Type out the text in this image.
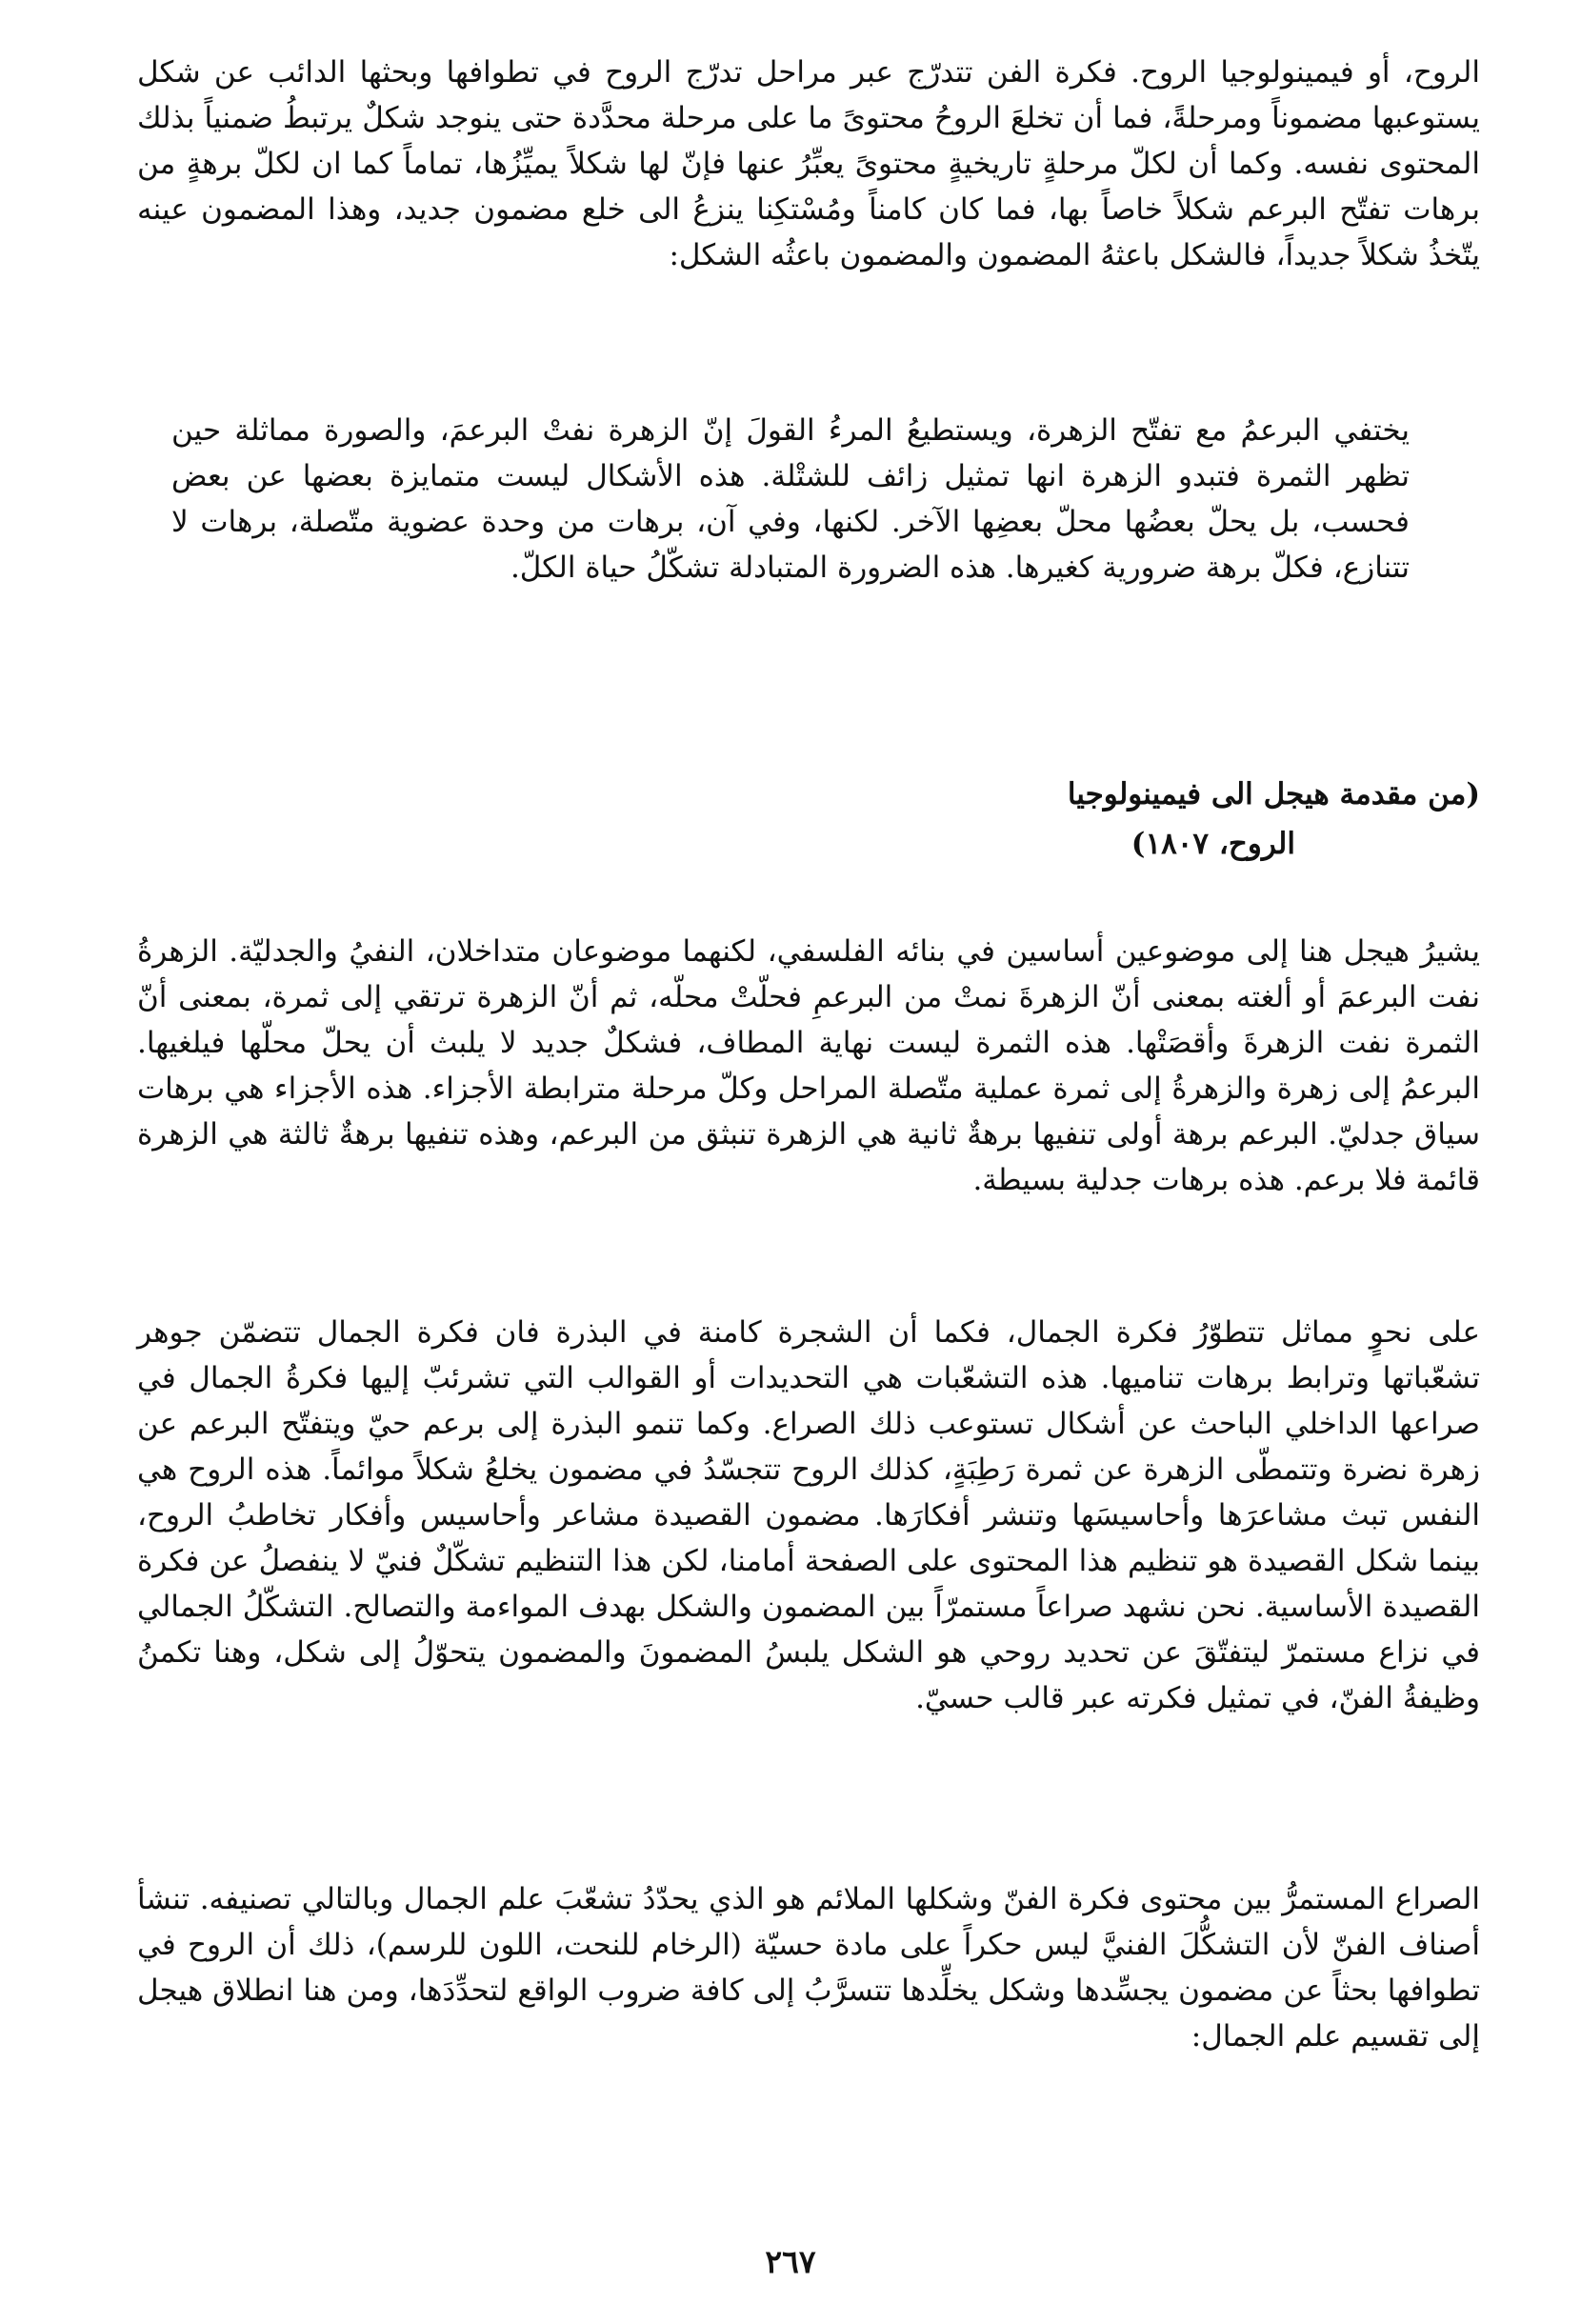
الروح، أو فيمينولوجيا الروح. فكرة الفن تتدرّج عبر مراحل تدرّج الروح في تطوافها وبحثها الدائب عن شكل يستوعبها مضموناً ومرحلةً، فما أن تخلعَ الروحُ محتوىً ما على مرحلة محدَّدة حتى ينوجد شكلٌ يرتبطُ ضمنياً بذلك المحتوى نفسه. وكما أن لكلّ مرحلةٍ تاريخيةٍ محتوىً يعبِّرُ عنها فإنّ لها شكلاً يميِّزُها، تماماً كما ان لكلّ برهةٍ من برهات تفتّح البرعم شكلاً خاصاً بها، فما كان كامناً ومُسْتكِنا ينزعُ الى خلع مضمون جديد، وهذا المضمون عينه يتّخذُ شكلاً جديداً، فالشكل باعثهُ المضمون والمضمون باعثُه الشكل:

يختفي البرعمُ مع تفتّح الزهرة، ويستطيعُ المرءُ القولَ إنّ الزهرة نفتْ البرعمَ، والصورة مماثلة حين تظهر الثمرة فتبدو الزهرة انها تمثيل زائف للشتْلة. هذه الأشكال ليست متمايزة بعضها عن بعض فحسب، بل يحلّ بعضُها محلّ بعضِها الآخر. لكنها، وفي آن، برهات من وحدة عضوية متّصلة، برهات لا تتنازع، فكلّ برهة ضرورية كغيرها. هذه الضرورة المتبادلة تشكّلُ حياة الكلّ.

(من مقدمة هيجل الى فيمينولوجيا

الروح، ١٨٠٧)

يشيرُ هيجل هنا إلى موضوعين أساسين في بنائه الفلسفي، لكنهما موضوعان متداخلان، النفيُ والجدليّة. الزهرةُ نفت البرعمَ أو ألغته بمعنى أنّ الزهرةَ نمتْ من البرعمِ فحلّتْ محلّه، ثم أنّ الزهرة ترتقي إلى ثمرة، بمعنى أنّ الثمرة نفت الزهرةَ وأقصَتْها. هذه الثمرة ليست نهاية المطاف، فشكلٌ جديد لا يلبث أن يحلّ محلّها فيلغيها. البرعمُ إلى زهرة والزهرةُ إلى ثمرة عملية متّصلة المراحل وكلّ مرحلة مترابطة الأجزاء. هذه الأجزاء هي برهات سياق جدليّ. البرعم برهة أولى تنفيها برهةٌ ثانية هي الزهرة تنبثق من البرعم، وهذه تنفيها برهةٌ ثالثة هي الزهرة قائمة فلا برعم. هذه برهات جدلية بسيطة.

على نحوٍ مماثل تتطوّرُ فكرة الجمال، فكما أن الشجرة كامنة في البذرة فان فكرة الجمال تتضمّن جوهر تشعّباتها وترابط برهات تناميها. هذه التشعّبات هي التحديدات أو القوالب التي تشرئبّ إليها فكرةُ الجمال في صراعها الداخلي الباحث عن أشكال تستوعب ذلك الصراع. وكما تنمو البذرة إلى برعم حيّ ويتفتّح البرعم عن زهرة نضرة وتتمطّى الزهرة عن ثمرة رَطِبَةٍ، كذلك الروح تتجسّدُ في مضمون يخلعُ شكلاً موائماً. هذه الروح هي النفس تبث مشاعرَها وأحاسيسَها وتنشر أفكارَها. مضمون القصيدة مشاعر وأحاسيس وأفكار تخاطبُ الروح، بينما شكل القصيدة هو تنظيم هذا المحتوى على الصفحة أمامنا، لكن هذا التنظيم تشكّلٌ فنيّ لا ينفصلُ عن فكرة القصيدة الأساسية. نحن نشهد صراعاً مستمرّاً بين المضمون والشكل بهدف المواءمة والتصالح. التشكّلُ الجمالي في نزاع مستمرّ ليتفتّقَ عن تحديد روحي هو الشكل يلبسُ المضمونَ والمضمون يتحوّلُ إلى شكل، وهنا تكمنُ وظيفةُ الفنّ، في تمثيل فكرته عبر قالب حسيّ.

الصراع المستمرُّ بين محتوى فكرة الفنّ وشكلها الملائم هو الذي يحدّدُ تشعّبَ علم الجمال وبالتالي تصنيفه. تنشأ أصناف الفنّ لأن التشكُّلَ الفنيَّ ليس حكراً على مادة حسيّة (الرخام للنحت، اللون للرسم)، ذلك أن الروح في تطوافها بحثاً عن مضمون يجسِّدها وشكل يخلِّدها تتسرَّبُ إلى كافة ضروب الواقع لتحدِّدَها، ومن هنا انطلاق هيجل إلى تقسيم علم الجمال:

٢٦٧
